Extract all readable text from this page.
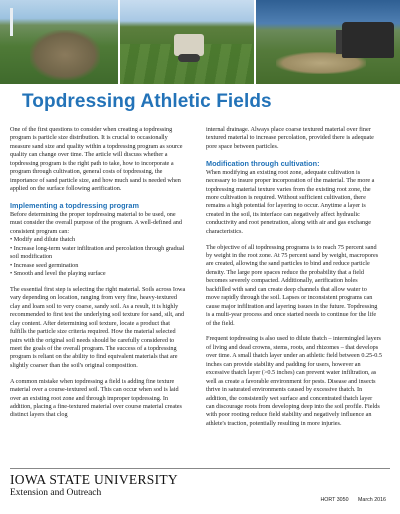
Topdressing Athletic Fields

One of the first questions to consider when creating a topdressing program is particle size distribution. It is crucial to occasionally measure sand size and quality within a topdressing program as source quality can change over time. The article will discuss whether a topdressing program is the right path to take, how to incorporate a program through cultivation, general costs of topdressing, the importance of sand particle size, and how much sand is needed when applied on the surface following aerification.

Implementing a topdressing program

Before determining the proper topdressing material to be used, one must consider the overall purpose of the program. A well-defined and consistent program can:

• Modify and dilute thatch
• Increase long-term water infiltration and percolation through gradual soil modification
• Increase seed germination
• Smooth and level the playing surface

The essential first step is selecting the right material. Soils across Iowa vary depending on location, ranging from very fine, heavy-textured clay and loam soil to very coarse, sandy soil. As a result, it is highly recommended to first test the underlying soil texture for sand, silt, and clay content. After determining soil texture, locate a product that fulfills the particle size criteria required. How the material selected pairs with the original soil needs should be carefully considered to meet the goals of the overall program. The success of a topdressing program is reliant on the ability to find equivalent materials that are slightly coarser than the soil's original composition.

A common mistake when topdressing a field is adding fine texture material over a course-textured soil. This can occur when sod is laid over an existing root zone and through improper topdressing. In addition, placing a fine-textured material over course material creates distinct layers that clog

internal drainage. Always place coarse textured material over finer textured material to increase percolation, provided there is adequate pore space between particles.

Modification through cultivation:

When modifying an existing root zone, adequate cultivation is necessary to insure proper incorporation of the material. The more a topdressing material texture varies from the existing root zone, the more cultivation is required. Without sufficient cultivation, there remains a high potential for layering to occur. Anytime a layer is created in the soil, its interface can negatively affect hydraulic conductivity and root penetration, along with air and gas exchange characteristics.

The objective of all topdressing programs is to reach 75 percent sand by weight in the root zone. At 75 percent sand by weight, macropores are created, allowing the sand particles to bind and reduce particle density. The large pore spaces reduce the probability that a field becomes severely compacted. Additionally, aerification holes backfilled with sand can create deep channels that allow water to move rapidly through the soil. Lapses or inconsistent programs can cause major infiltration and layering issues in the future. Topdressing is a multi-year process and once started needs to continue for the life of the field.

Frequent topdressing is also used to dilute thatch – intermingled layers of living and dead crowns, stems, roots, and rhizomes – that develops over time. A small thatch layer under an athletic field between 0.25-0.5 inches can provide stability and padding for users, however an excessive thatch layer (>0.5 inches) can prevent water infiltration, as well as create a favorable environment for pests. Disease and insects thrive in saturated environments caused by excessive thatch. In addition, the consistently wet surface and concentrated thatch layer can discourage roots from developing deep into the soil profile. Fields with poor rooting reduce field stability and negatively influence an athlete's traction, potentially resulting in more injuries.

IOWA STATE UNIVERSITY
Extension and Outreach
HORT 3050 March 2016
